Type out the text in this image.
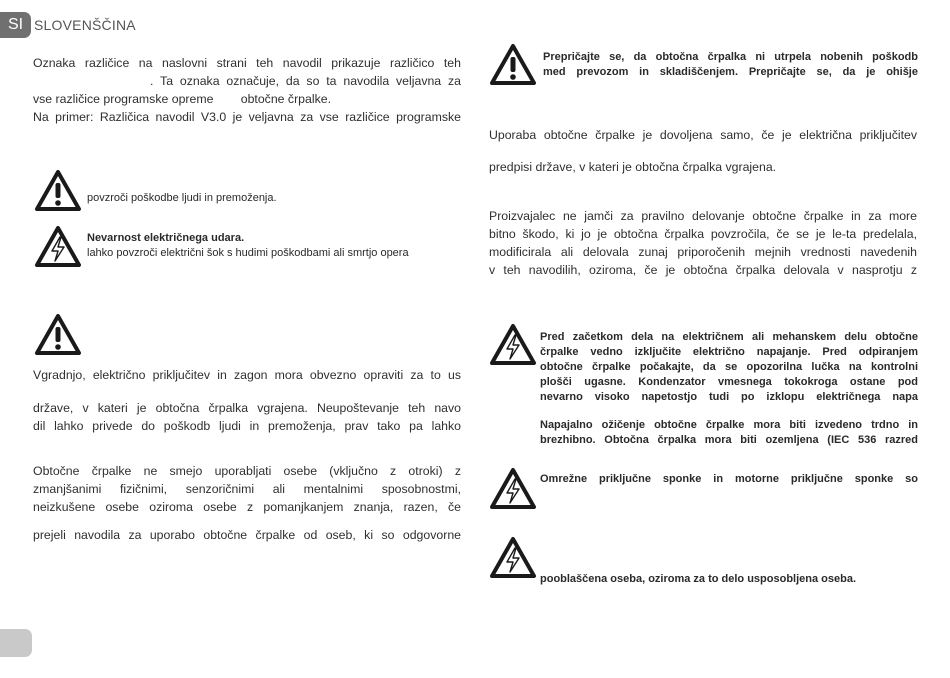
SI SLOVENŠČINA
Oznaka različice na naslovni strani teh navodil prikazuje različico teh
. Ta oznaka označuje, da so ta navodila veljavna za
vse različice programske opreme        obtočne črpalke.
Na primer: Različica navodil V3.0 je veljavna za vse različice programske
povzroči poškodbe ljudi in premoženja.
Nevarnost električnega udara.
lahko povzroči električni šok s hudimi poškodbami ali smrtjo opera
Vgradnjo, električno priključitev in zagon mora obvezno opraviti za to us
države, v kateri je obtočna črpalka vgrajena. Neupoštevanje teh navo
dil lahko privede do poškodb ljudi in premoženja, prav tako pa lahko
Obtočne črpalke ne smejo uporabljati osebe (vključno z otroki) z
zmanjšanimi fizičnimi, senzoričnimi ali mentalnimi sposobnostmi,
neizkušene osebe oziroma osebe z pomanjkanjem znanja, razen, če
prejeli navodila za uporabo obtočne črpalke od oseb, ki so odgovorne
Prepričajte se, da obtočna črpalka ni utrpela nobenih poškodb
med prevozom in skladiščenjem. Prepričajte se, da je ohišje
Uporaba obtočne črpalke je dovoljena samo, če je električna priključitev
predpisi države, v kateri je obtočna črpalka vgrajena.
Proizvajalec ne jamči za pravilno delovanje obtočne črpalke in za more
bitno škodo, ki jo je obtočna črpalka povzročila, če se je le-ta predelala,
modificirala ali delovala zunaj priporočenih mejnih vrednosti navedenih
v teh navodilih, oziroma, če je obtočna črpalka delovala v nasprotju z
Pred začetkom dela na električnem ali mehanskem delu obtočne
črpalke vedno izključite električno napajanje. Pred odpiranjem
obtočne črpalke počakajte, da se opozorilna lučka na kontrolni
plošči ugasne. Kondenzator vmesnega tokokroga ostane pod
nevarno visoko napetostjo tudi po izklopu električnega napa
Napajalno ožičenje obtočne črpalke mora biti izvedeno trdno in
brezhibno. Obtočna črpalka mora biti ozemljena (IEC 536 razred
Omrežne priključne sponke in motorne priključne sponke so
pooblaščena oseba, oziroma za to delo usposobljena oseba.
